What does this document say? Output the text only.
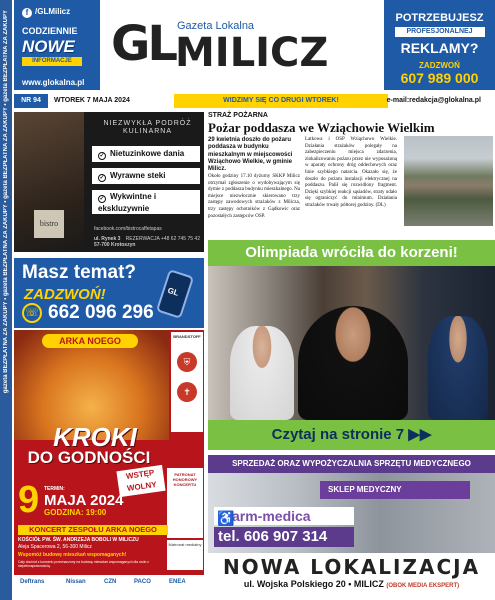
gazeta BEZPŁATNA ZA ZAKUPY • gazeta BEZPŁATNA ZA ZAKUPY • gazeta BEZPŁATNA ZA ZAKUPY • gazeta BEZPŁATNA ZA ZAKUPY	f /GLMilicz
CODZIENNIE
NOWE
INFORMACJE
www.glokalna.pl
GL Gazeta Lokalna
MILICZ
POTRZEBUJESZ
PROFESJONALNEJ
REKLAMY?
ZADZWOŃ
607 989 000
NR 94	WTOREK 7 MAJA 2024	WIDZIMY SIĘ CO DRUGI WTOREK!	e-mail:redakcja@glokalna.pl
bistro
NIEZWYKŁA PODRÓŻ
KULINARNA
✓ Nietuzinkowe dania
✓ Wyrawne steki
✓ Wykwintne i ekskluzywnie
facebook.com/bistrocaffetapas
REZERWACJA +48 62 745 75 42
ul. Rynek 3 57-700 Krotoszyn
STRAŻ POŻARNA
Pożar poddasza we Wziąchowie Wielkim
29 kwietnia doszło do pożaru poddasza w budynku mieszkalnym w miejscowości Wziąchowo Wielkie, w gminie Milicz.
Około godziny 17.10 dyżurny SKKP Milicz otrzymał zgłoszenie o wydobywającym się dymie z poddasza budynku mieszkalnego. Na miejsce niezwłocznie skierowano trzy zastępy zawodowych strażaków z Milicza, trzy zastępy ochotników z Gądkowic oraz pozostałych zastępców OSP.
Latkowa i OSP Wziąchowo Wielkie. Działania strażaków polegały na zabezpieczeniu miejsca zdarzenia, zlokalizowaniu pożaru przez nie wyposażoną w aparaty ochrony dróg oddechowych oraz linie szybkiego natarcia. Okazało się, że doszło do pożaru instalacji elektrycznej na poddaszu. Palił się rozwidlony fragment. Dzięki szybkiej reakcji sąsiadów, straty udało się ograniczyć do minimum. Działania strażaków trwały półtorej godziny. (DL)
Masz temat?
ZADZWOŃ!
☏ 662 096 296
GL
ARKA NOEGO	BRANDSTOFF
⛨
✝
KROKI
DO GODNOŚCI
WSTĘP WOLNY
PATRONAT HONOROWY KONCERTU
9 TERMIN:
MAJA 2024
GODZINA: 19:00
KONCERT ZESPOŁU ARKA NOEGO
KOŚCIÓŁ PW. ŚW. ANDRZEJA BOBOLI W MILICZU
Aleja Spacerowa 2, 56-300 Milicz
Wspomóż budowę mieszkań wspomaganych!
Cały dochód z koncertu przeznaczony na budowę mieszkań wspomaganych dla osób z niepełnosprawnością.
Matronat medialny
Deftrans	Nissan	CZN	PACO	ENEA
Olimpiada wróciła do korzeni!
Czytaj na stronie 7 ▶▶
SPRZEDAŻ ORAZ WYPOŻYCZALNIA SPRZĘTU MEDYCZNEGO
SKLEP MEDYCZNY
♿
arm-medica
tel. 606 907 314
NOWA LOKALIZACJA
ul. Wojska Polskiego 20 • MILICZ (OBOK MEDIA EKSPERT)
